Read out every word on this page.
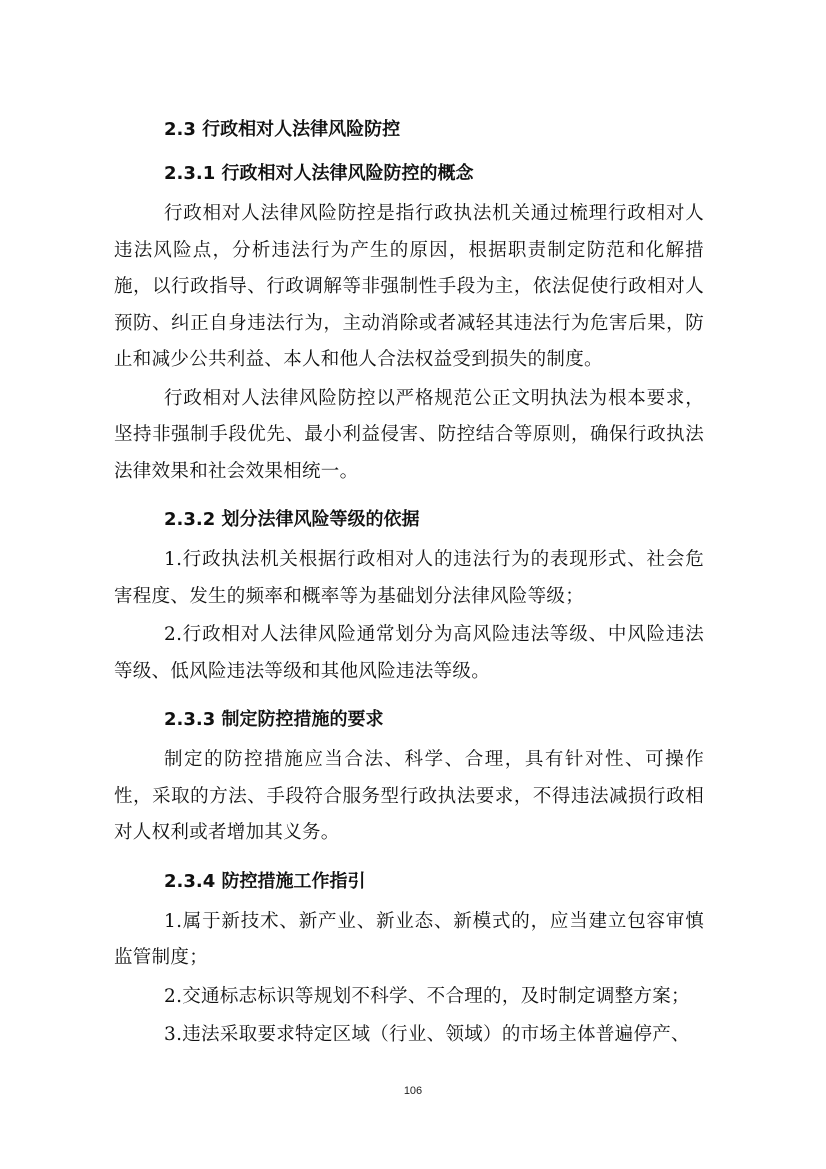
2.3 行政相对人法律风险防控
2.3.1 行政相对人法律风险防控的概念

行政相对人法律风险防控是指行政执法机关通过梳理行政相对人违法风险点，分析违法行为产生的原因，根据职责制定防范和化解措施，以行政指导、行政调解等非强制性手段为主，依法促使行政相对人预防、纠正自身违法行为，主动消除或者减轻其违法行为危害后果，防止和减少公共利益、本人和他人合法权益受到损失的制度。

行政相对人法律风险防控以严格规范公正文明执法为根本要求，坚持非强制手段优先、最小利益侵害、防控结合等原则，确保行政执法法律效果和社会效果相统一。

2.3.2 划分法律风险等级的依据

1.行政执法机关根据行政相对人的违法行为的表现形式、社会危害程度、发生的频率和概率等为基础划分法律风险等级；

2.行政相对人法律风险通常划分为高风险违法等级、中风险违法等级、低风险违法等级和其他风险违法等级。

2.3.3 制定防控措施的要求

制定的防控措施应当合法、科学、合理，具有针对性、可操作性，采取的方法、手段符合服务型行政执法要求，不得违法减损行政相对人权利或者增加其义务。

2.3.4 防控措施工作指引

1.属于新技术、新产业、新业态、新模式的，应当建立包容审慎监管制度；

2.交通标志标识等规划不科学、不合理的，及时制定调整方案；

3.违法采取要求特定区域（行业、领域）的市场主体普遍停产、

106
